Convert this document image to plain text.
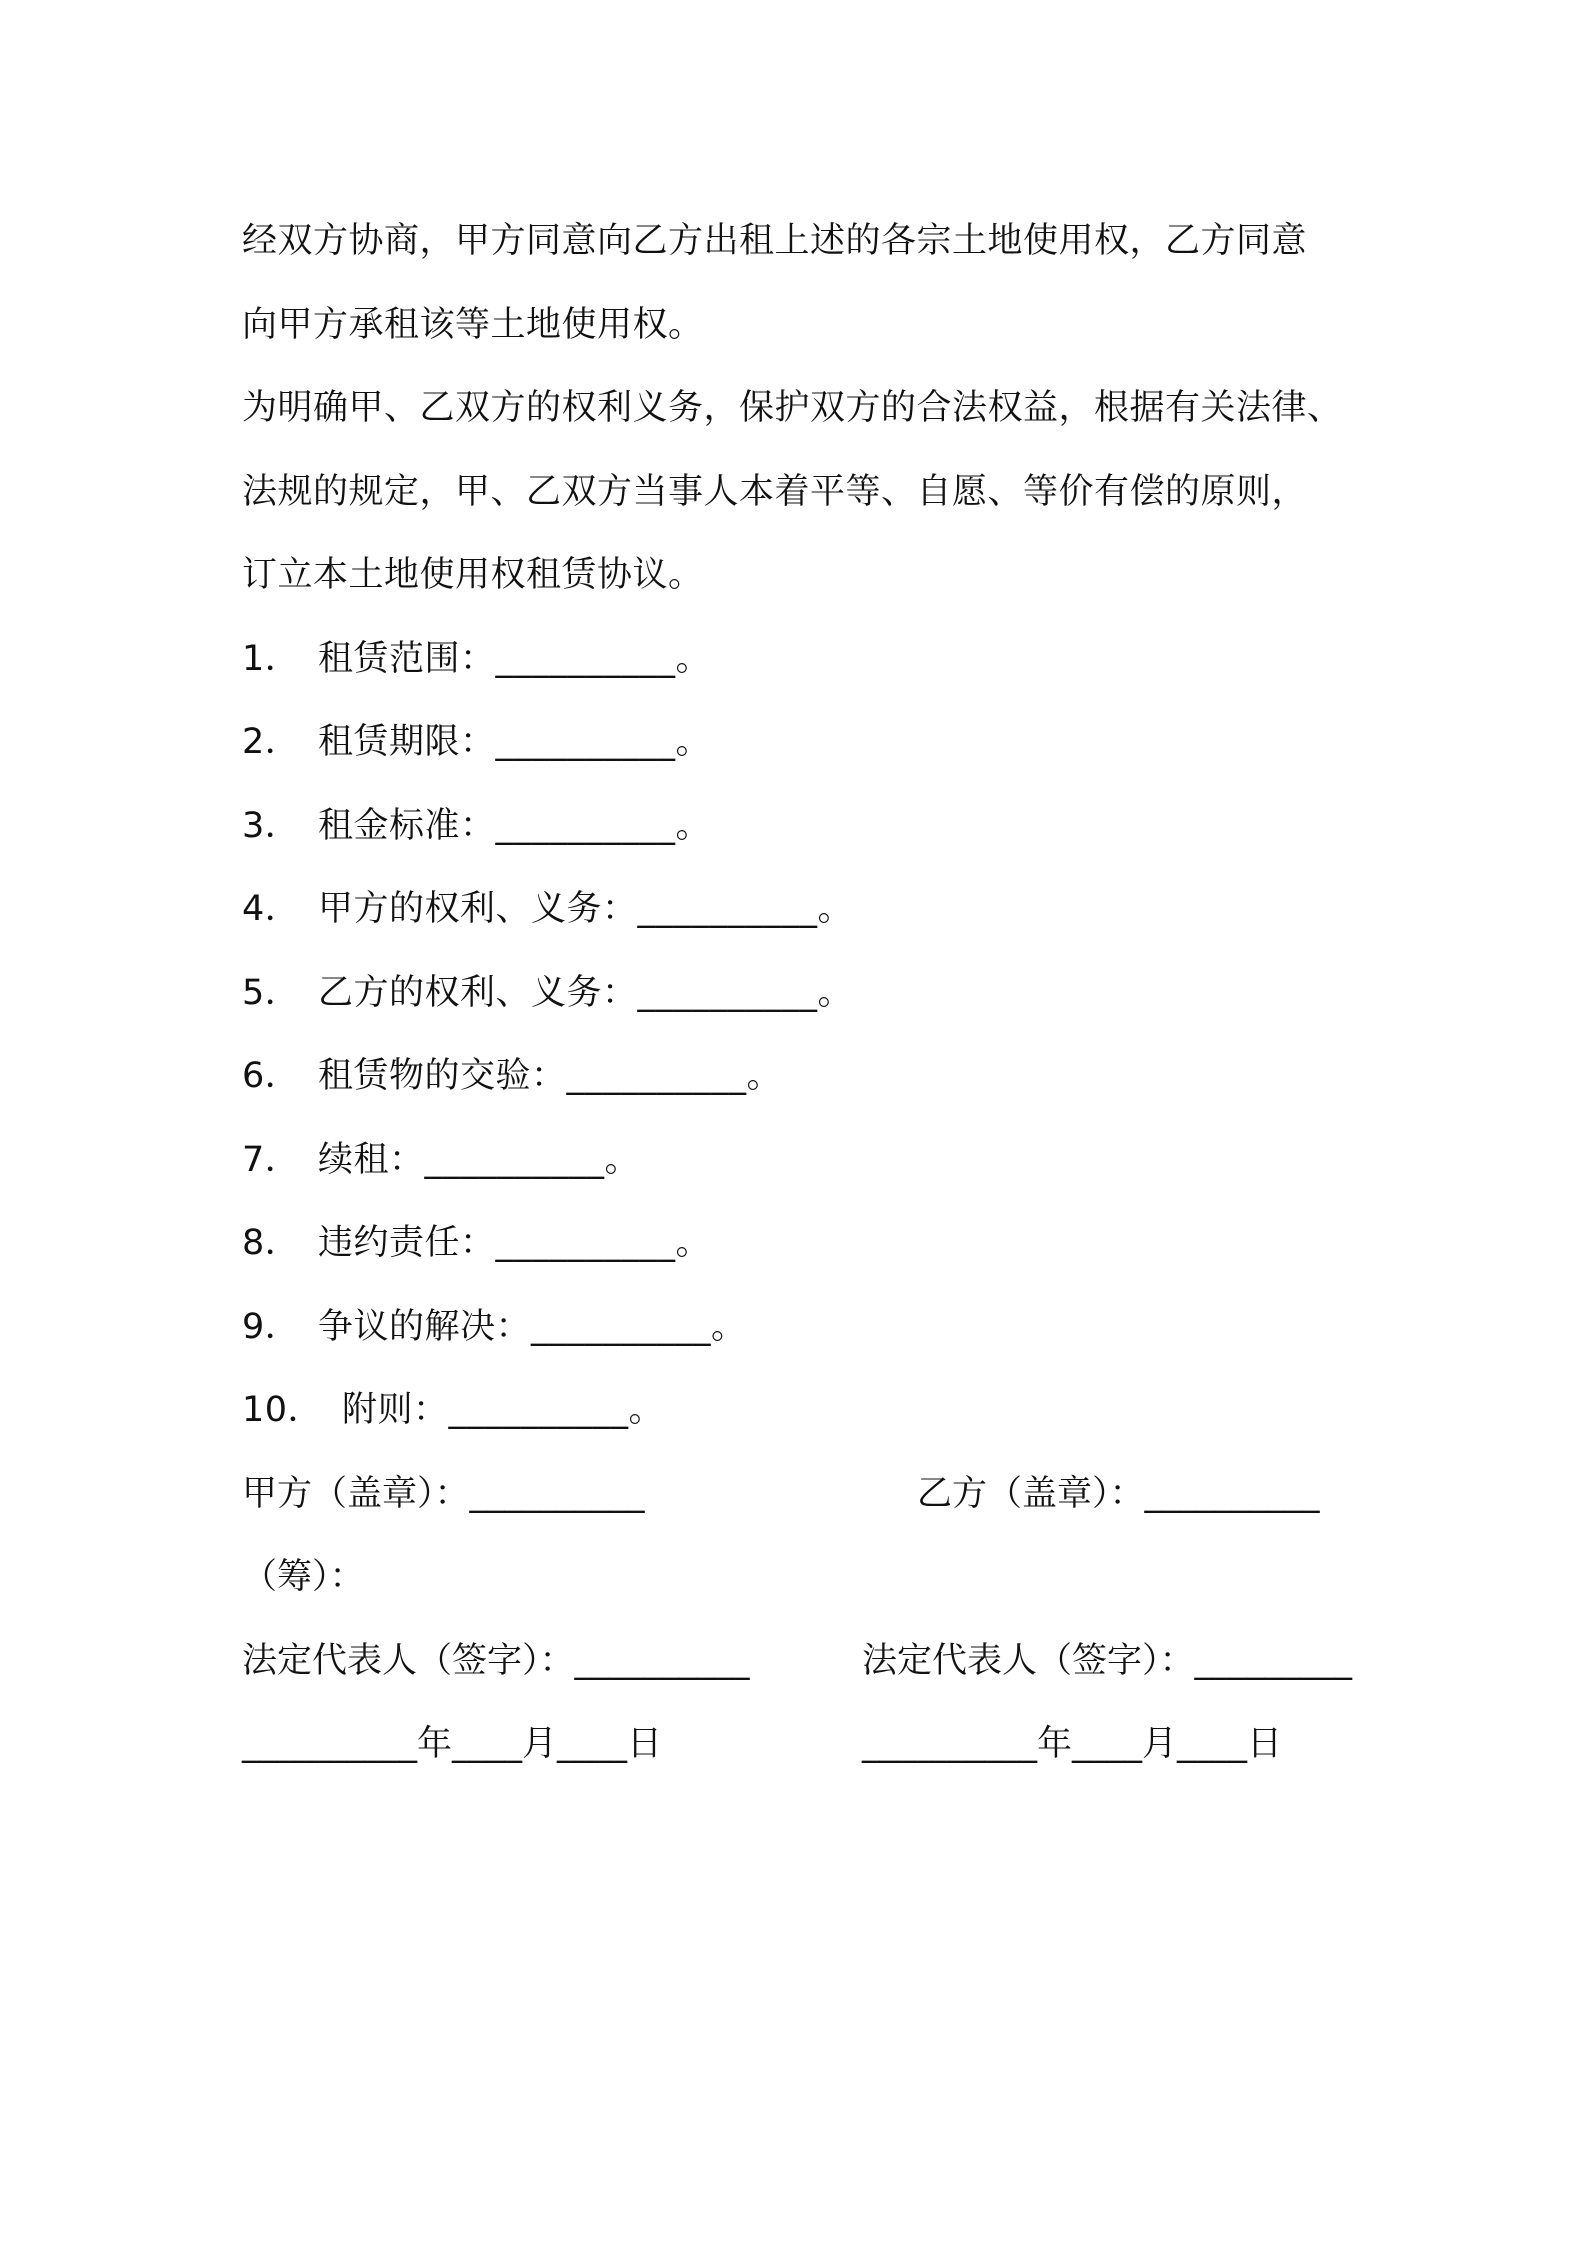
经双方协商，甲方同意向乙方出租上述的各宗土地使用权，乙方同意
向甲方承租该等土地使用权。
为明确甲、乙双方的权利义务，保护双方的合法权益，根据有关法律、
法规的规定，甲、乙双方当事人本着平等、自愿、等价有偿的原则，
订立本土地使用权租赁协议。
1． 租赁范围：__________。
2． 租赁期限：__________。
3． 租金标准：__________。
4． 甲方的权利、义务：__________。
5． 乙方的权利、义务：__________。
6． 租赁物的交验：__________。
7． 续租：__________。
8． 违约责任：__________。
9． 争议的解决：__________。
10． 附则：__________。
甲方（盖章）：__________	乙方（盖章）：__________
（筹）：
法定代表人（签字）：__________	法定代表人（签字）：_________
__________年____月____日	__________年____月____日
